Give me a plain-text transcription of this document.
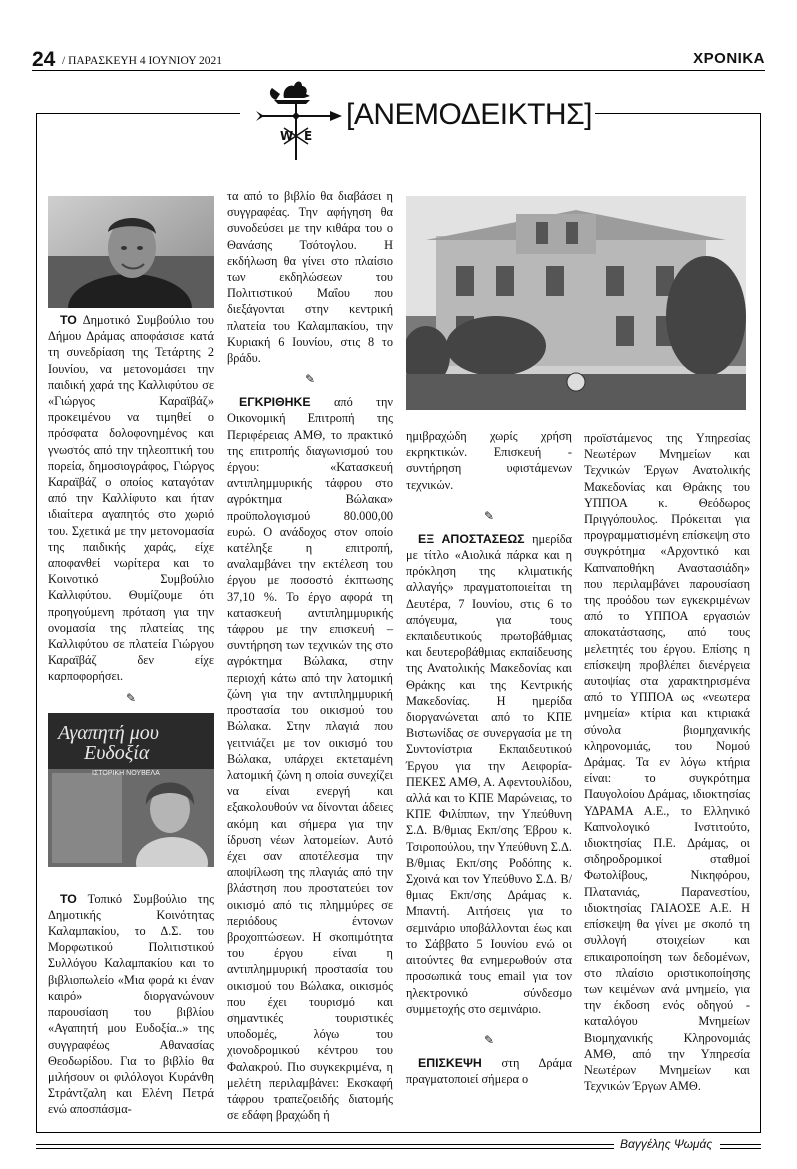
24 / ΠΑΡΑΣΚΕΥΗ 4 ΙΟΥΝΙΟΥ 2021	ΧΡΟΝΙΚΑ
W E
[ΑΝΕΜΟΔΕΙΚΤΗΣ]

ΤΟ Δημοτικό Συμβούλιο του Δήμου Δράμας αποφάσισε κατά τη συνεδρίαση της Τετάρτης 2 Ιουνίου, να μετονομάσει την παιδική χαρά της Καλλιφύτου σε «Γιώργος Καραϊβάζ» προκειμένου να τιμηθεί ο πρόσφατα δολοφονημένος και γνωστός από την τηλεοπτική του πορεία, δημοσιογράφος, Γιώργος Καραϊβάζ ο οποίος καταγόταν από την Καλλίφυτο και ήταν ιδιαίτερα αγαπητός στο χωριό του. Σχετικά με την μετονομασία της παιδικής χαράς, είχε αποφανθεί νωρίτερα και το Κοινοτικό Συμβούλιο Καλλιφύτου. Θυμίζουμε ότι προηγούμενη πρόταση για την ονομασία της πλατείας της Καλλιφύτου σε πλατεία Γιώργου Καραϊβάζ δεν είχε καρποφορήσει.

✎
Αγαπητή μου
Ευδοξία
ΙΣΤΟΡΙΚΗ ΝΟΥΒΕΛΑ

ΤΟ Τοπικό Συμβούλιο της Δημοτικής Κοινότητας Καλαμπακίου, το Δ.Σ. του Μορφωτικού Πολιτιστικού Συλλόγου Καλαμπακίου και το βιβλιοπωλείο «Μια φορά κι έναν καιρό» διοργανώνουν παρουσίαση του βιβλίου «Αγαπητή μου Ευδοξία..» της συγγραφέως Αθανασίας Θεοδωρίδου. Για το βιβλίο θα μιλήσουν οι φιλόλογοι Κυράνθη Στράντζαλη και Ελένη Πετρά ενώ αποσπάσμα-

τα από το βιβλίο θα διαβάσει η συγγραφέας. Την αφήγηση θα συνοδεύσει με την κιθάρα του ο Θανάσης Τσότογλου. Η εκδήλωση θα γίνει στο πλαίσιο των εκδηλώσεων του Πολιτιστικού Μαΐου που διεξάγονται στην κεντρική πλατεία του Καλαμπακίου, την Κυριακή 6 Ιουνίου, στις 8 το βράδυ.

✎

ΕΓΚΡΙΘΗΚΕ από την Οικονομική Επιτροπή της Περιφέρειας ΑΜΘ, το πρακτικό της επιτροπής διαγωνισμού του έργου: «Κατασκευή αντιπλημμυρικής τάφρου στο αγρόκτημα Βώλακα» προϋπολογισμού 80.000,00 ευρώ. Ο ανάδοχος στον οποίο κατέληξε η επιτροπή, αναλαμβάνει την εκτέλεση του έργου με ποσοστό έκπτωσης 37,10 %. Το έργο αφορά τη κατασκευή αντιπλημμυρικής τάφρου με την επισκευή – συντήρηση των τεχνικών της στο αγρόκτημα Βώλακα, στην περιοχή κάτω από την λατομική ζώνη για την αντιπλημμυρική προστασία του οικισμού του Βώλακα. Στην πλαγιά που γειτνιάζει με τον οικισμό του Βώλακα, υπάρχει εκτεταμένη λατομική ζώνη η οποία συνεχίζει να είναι ενεργή και εξακολουθούν να δίνονται άδειες ακόμη και σήμερα για την ίδρυση νέων λατομείων. Αυτό έχει σαν αποτέλεσμα την αποψίλωση της πλαγιάς από την βλάστηση που προστατεύει τον οικισμό από τις πλημμύρες σε περιόδους έντονων βροχοπτώσεων. Η σκοπιμότητα του έργου είναι η αντιπλημμυρική προστασία του οικισμού του Βώλακα, οικισμός που έχει τουρισμό και σημαντικές τουριστικές υποδομές, λόγω του χιονοδρομικού κέντρου του Φαλακρού. Πιο συγκεκριμένα, η μελέτη περιλαμβάνει: Εκσκαφή τάφρου τραπεζοειδής διατομής σε εδάφη βραχώδη ή

ημιβραχώδη χωρίς χρήση εκρηκτικών. Επισκευή - συντήρηση υφιστάμενων τεχνικών.

✎

ΕΞ ΑΠΟΣΤΑΣΕΩΣ ημερίδα με τίτλο «Αιολικά πάρκα και η πρόκληση της κλιματικής αλλαγής» πραγματοποιείται τη Δευτέρα, 7 Ιουνίου, στις 6 το απόγευμα, για τους εκπαιδευτικούς πρωτοβάθμιας και δευτεροβάθμιας εκπαίδευσης της Ανατολικής Μακεδονίας και Θράκης και της Κεντρικής Μακεδονίας. Η ημερίδα διοργανώνεται από το ΚΠΕ Βιστωνίδας σε συνεργασία με τη Συντονίστρια Εκπαιδευτικού Έργου για την Αειφορία- ΠΕΚΕΣ ΑΜΘ, Α. Αφεντουλίδου, αλλά και το ΚΠΕ Μαρώνειας, το ΚΠΕ Φιλίππων, την Υπεύθυνη Σ.Δ. Β/θμιας Εκπ/σης Έβρου κ. Τσιροπούλου, την Υπεύθυνη Σ.Δ. Β/θμιας Εκπ/σης Ροδόπης κ. Σχοινά και τον Υπεύθυνο Σ.Δ. Β/θμιας Εκπ/σης Δράμας κ. Μπαντή. Αιτήσεις για το σεμινάριο υποβάλλονται έως και το Σάββατο 5 Ιουνίου ενώ οι αιτούντες θα ενημερωθούν στα προσωπικά τους email για τον ηλεκτρονικό σύνδεσμο συμμετοχής στο σεμινάριο.

✎

ΕΠΙΣΚΕΨΗ στη Δράμα πραγματοποιεί σήμερα ο

προϊστάμενος της Υπηρεσίας Νεωτέρων Μνημείων και Τεχνικών Έργων Ανατολικής Μακεδονίας και Θράκης του ΥΠΠΟΑ κ. Θεόδωρος Πριγγόπουλος. Πρόκειται για προγραμματισμένη επίσκεψη στο συγκρότημα «Αρχοντικό και Καπναποθήκη Αναστασιάδη» που περιλαμβάνει παρουσίαση της προόδου των εγκεκριμένων από το ΥΠΠΟΑ εργασιών αποκατάστασης, από τους μελετητές του έργου. Επίσης η επίσκεψη προβλέπει διενέργεια αυτοψίας στα χαρακτηρισμένα από το ΥΠΠΟΑ ως «νεωτερα μνημεία» κτίρια και κτιριακά σύνολα βιομηχανικής κληρονομιάς, του Νομού Δράμας. Τα εν λόγω κτήρια είναι: το συγκρότημα Παυγολοίου Δράμας, ιδιοκτησίας ΥΔΡΑΜΑ Α.Ε., το Ελληνικό Καπνολογικό Ινστιτούτο, ιδιοκτησίας Π.Ε. Δράμας, οι σιδηροδρομικοί σταθμοί Φωτολίβους, Νικηφόρου, Πλατανιάς, Παρανεστίου, ιδιοκτησίας ΓΑΙΑΟΣΕ Α.Ε. Η επίσκεψη θα γίνει με σκοπό τη συλλογή στοιχείων και επικαιροποίηση των δεδομένων, στο πλαίσιο οριστικοποίησης των κειμένων ανά μνημείο, για την έκδοση ενός οδηγού - καταλόγου Μνημείων Βιομηχανικής Κληρονομιάς ΑΜΘ, από την Υπηρεσία Νεωτέρων Μνημείων και Τεχνικών Έργων ΑΜΘ.

Βαγγέλης Ψωμάς
